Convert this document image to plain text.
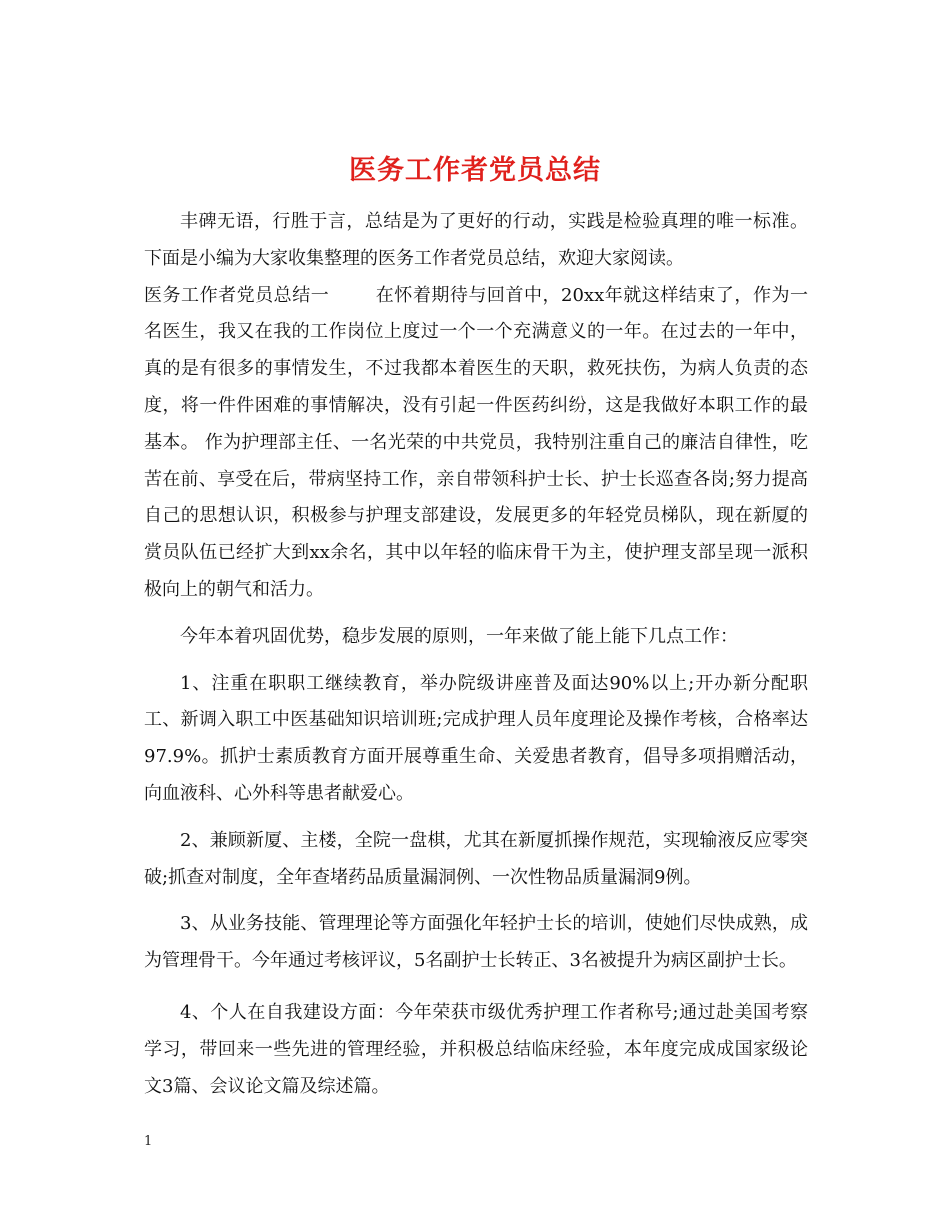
医务工作者党员总结

丰碑无语，行胜于言，总结是为了更好的行动，实践是检验真理的唯一标准。下面是小编为大家收集整理的医务工作者党员总结，欢迎大家阅读。

医务工作者党员总结一	在怀着期待与回首中，20xx年就这样结束了，作为一名医生，我又在我的工作岗位上度过一个一个充满意义的一年。在过去的一年中，真的是有很多的事情发生，不过我都本着医生的天职，救死扶伤，为病人负责的态度，将一件件困难的事情解决，没有引起一件医药纠纷，这是我做好本职工作的最基本。 作为护理部主任、一名光荣的中共党员，我特别注重自己的廉洁自律性，吃苦在前、享受在后，带病坚持工作，亲自带领科护士长、护士长巡查各岗;努力提高自己的思想认识，积极参与护理支部建设，发展更多的年轻党员梯队，现在新厦的赏员队伍已经扩大到xx余名，其中以年轻的临床骨干为主，使护理支部呈现一派积极向上的朝气和活力。

今年本着巩固优势，稳步发展的原则，一年来做了能上能下几点工作：

1、注重在职职工继续教育，举办院级讲座普及面达90%以上;开办新分配职工、新调入职工中医基础知识培训班;完成护理人员年度理论及操作考核，合格率达97.9%。抓护士素质教育方面开展尊重生命、关爱患者教育，倡导多项捐赠活动，向血液科、心外科等患者献爱心。

2、兼顾新厦、主楼，全院一盘棋，尤其在新厦抓操作规范，实现输液反应零突破;抓查对制度，全年查堵药品质量漏洞例、一次性物品质量漏洞9例。

3、从业务技能、管理理论等方面强化年轻护士长的培训，使她们尽快成熟，成为管理骨干。今年通过考核评议，5名副护士长转正、3名被提升为病区副护士长。

4、个人在自我建设方面：今年荣获市级优秀护理工作者称号;通过赴美国考察学习，带回来一些先进的管理经验，并积极总结临床经验，本年度完成成国家级论文3篇、会议论文篇及综述篇。

1
